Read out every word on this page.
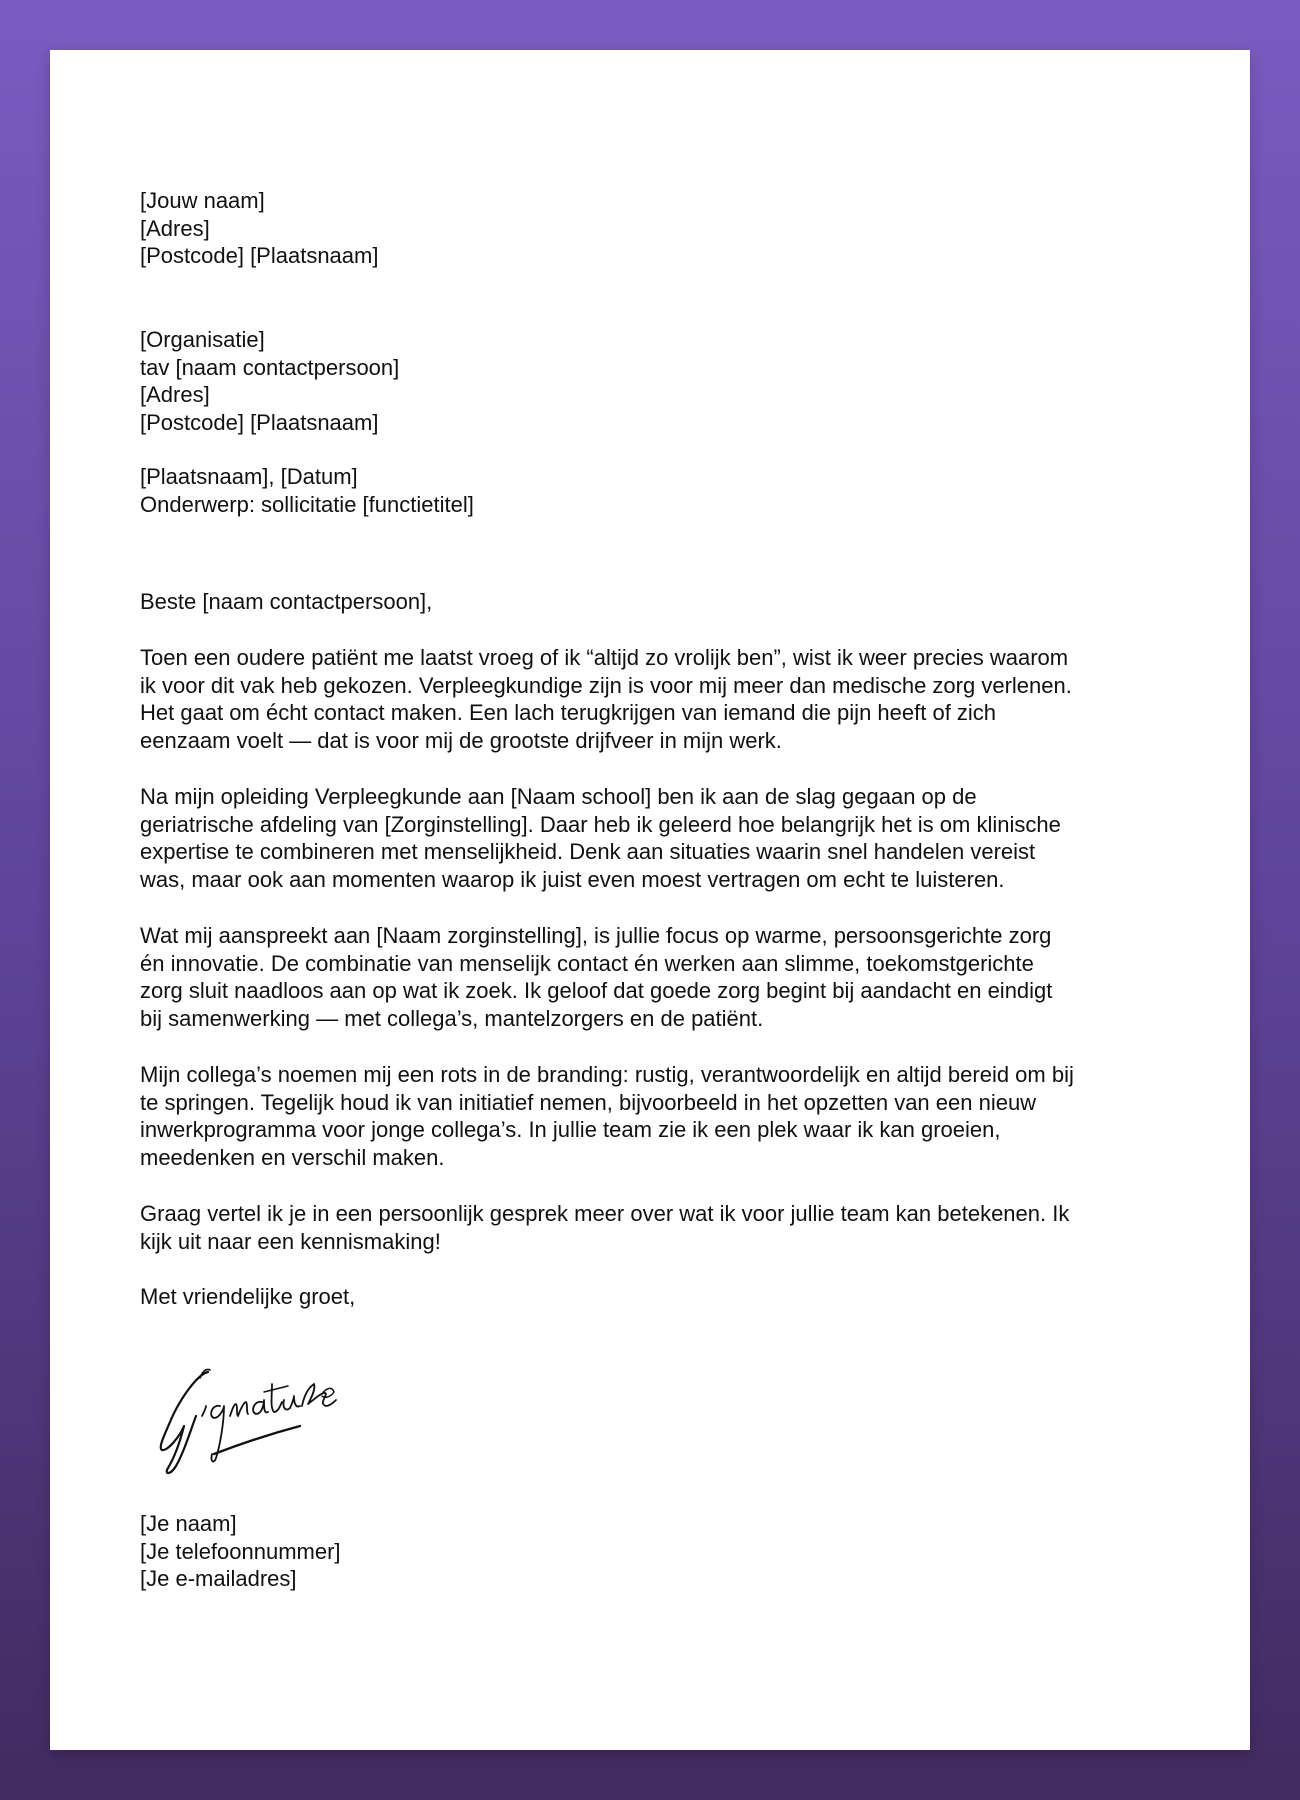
[Jouw naam]
[Adres]
[Postcode] [Plaatsnaam]
[Organisatie]
tav [naam contactpersoon]
[Adres]
[Postcode] [Plaatsnaam]
[Plaatsnaam], [Datum]
Onderwerp: sollicitatie [functietitel]
Beste [naam contactpersoon],
Toen een oudere patiënt me laatst vroeg of ik “altijd zo vrolijk ben”, wist ik weer precies waarom
ik voor dit vak heb gekozen. Verpleegkundige zijn is voor mij meer dan medische zorg verlenen.
Het gaat om écht contact maken. Een lach terugkrijgen van iemand die pijn heeft of zich
eenzaam voelt — dat is voor mij de grootste drijfveer in mijn werk.
Na mijn opleiding Verpleegkunde aan [Naam school] ben ik aan de slag gegaan op de
geriatrische afdeling van [Zorginstelling]. Daar heb ik geleerd hoe belangrijk het is om klinische
expertise te combineren met menselijkheid. Denk aan situaties waarin snel handelen vereist
was, maar ook aan momenten waarop ik juist even moest vertragen om echt te luisteren.
Wat mij aanspreekt aan [Naam zorginstelling], is jullie focus op warme, persoonsgerichte zorg
én innovatie. De combinatie van menselijk contact én werken aan slimme, toekomstgerichte
zorg sluit naadloos aan op wat ik zoek. Ik geloof dat goede zorg begint bij aandacht en eindigt
bij samenwerking — met collega’s, mantelzorgers en de patiënt.
Mijn collega’s noemen mij een rots in de branding: rustig, verantwoordelijk en altijd bereid om bij
te springen. Tegelijk houd ik van initiatief nemen, bijvoorbeeld in het opzetten van een nieuw
inwerkprogramma voor jonge collega’s. In jullie team zie ik een plek waar ik kan groeien,
meedenken en verschil maken.
Graag vertel ik je in een persoonlijk gesprek meer over wat ik voor jullie team kan betekenen. Ik
kijk uit naar een kennismaking!
Met vriendelijke groet,
[Je naam]
[Je telefoonnummer]
[Je e-mailadres]
